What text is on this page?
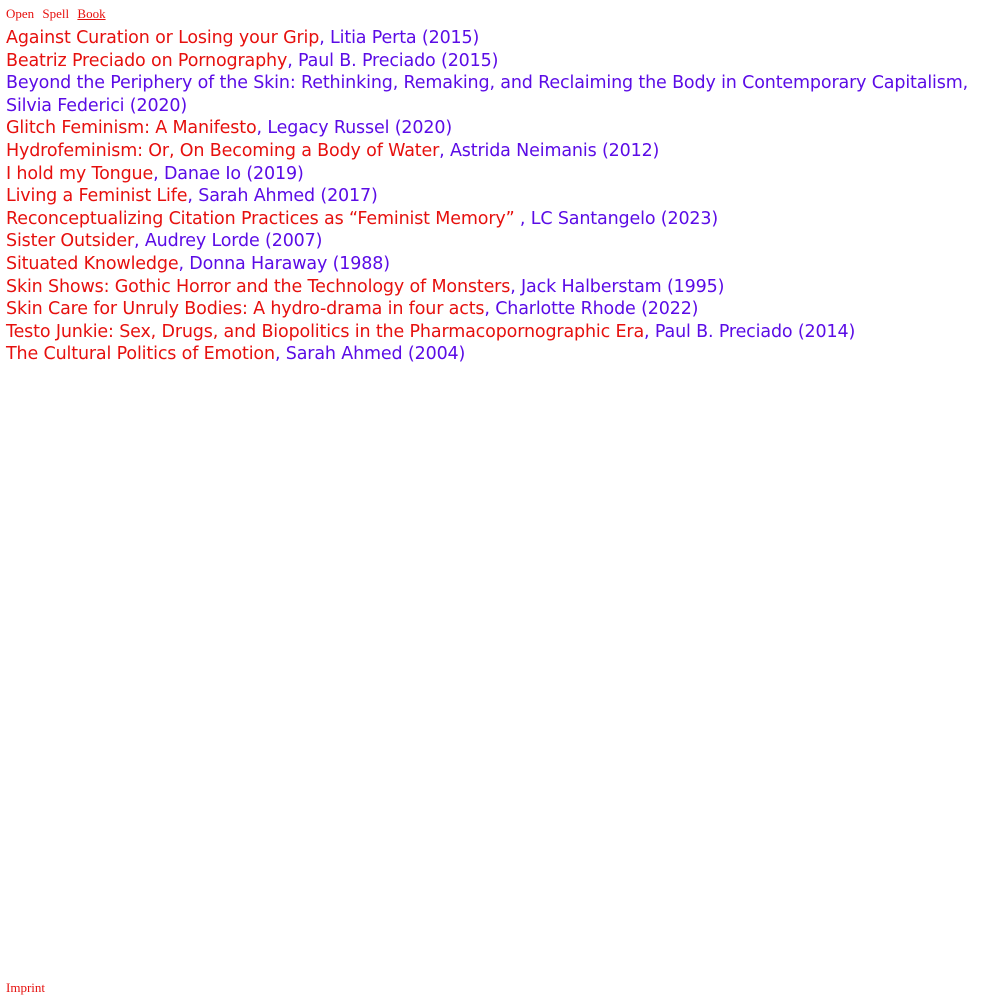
Open Spell Book
Against Curation or Losing your Grip, Litia Perta (2015)
Beatriz Preciado on Pornography, Paul B. Preciado (2015)
Beyond the Periphery of the Skin: Rethinking, Remaking, and Reclaiming the Body in Contemporary Capitalism, Silvia Federici (2020)
Glitch Feminism: A Manifesto, Legacy Russel (2020)
Hydrofeminism: Or, On Becoming a Body of Water, Astrida Neimanis (2012)
I hold my Tongue, Danae Io (2019)
Living a Feminist Life, Sarah Ahmed (2017)
Reconceptualizing Citation Practices as “Feminist Memory” , LC Santangelo (2023)
Sister Outsider, Audrey Lorde (2007)
Situated Knowledge, Donna Haraway (1988)
Skin Shows: Gothic Horror and the Technology of Monsters, Jack Halberstam (1995)
Skin Care for Unruly Bodies: A hydro-drama in four acts, Charlotte Rhode (2022)
Testo Junkie: Sex, Drugs, and Biopolitics in the Pharmacopornographic Era, Paul B. Preciado (2014)
The Cultural Politics of Emotion, Sarah Ahmed (2004)
Imprint
